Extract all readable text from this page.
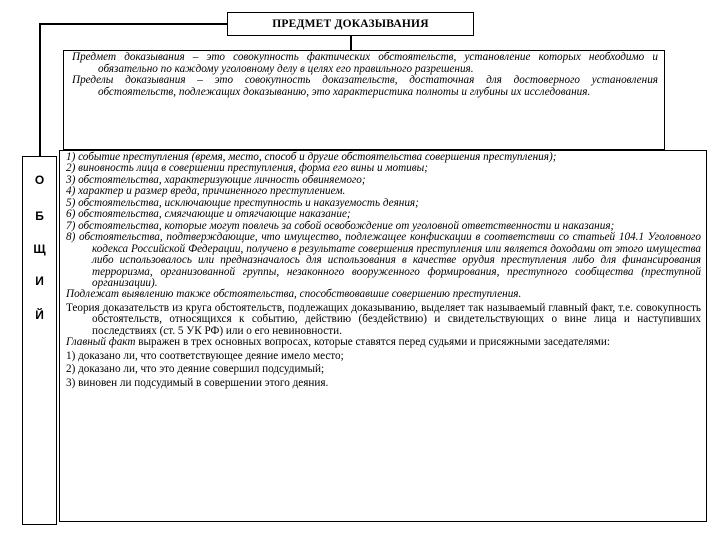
ПРЕДМЕТ ДОКАЗЫВАНИЯ

Предмет доказывания – это совокупность фактических обстоятельств, установление которых необходимо и обязательно по каждому уголовному делу в целях его правильного разрешения.

Пределы доказывания – это совокупность доказательств, достаточная для достоверного установления обстоятельств, подлежащих доказыванию, это характеристика полноты и глубины их исследования.

О
Б
Щ
И
Й

1) событие преступления (время, место, способ и другие обстоятельства совершения преступления);

2) виновность лица в совершении преступления, форма его вины и мотивы;

3) обстоятельства, характеризующие личность обвиняемого;

4) характер и размер вреда, причиненного преступлением.

5) обстоятельства, исключающие преступность и наказуемость деяния;

6) обстоятельства, смягчающие и отягчающие наказание;

7) обстоятельства, которые могут повлечь за собой освобождение от уголовной ответственности и наказания;

8) обстоятельства, подтверждающие, что имущество, подлежащее конфискации в соответствии со статьей 104.1 Уголовного кодекса Российской Федерации, получено в результате совершения преступления или является доходами от этого имущества либо использовалось или предназначалось для использования в качестве орудия преступления либо для финансирования терроризма, организованной группы, незаконного вооруженного формирования, преступного сообщества (преступной организации).

Подлежат выявлению также обстоятельства, способствовавшие совершению преступления.

Теория доказательств из круга обстоятельств, подлежащих доказыванию, выделяет так называемый главный факт, т.е. совокупность обстоятельств, относящихся к событию, действию (бездействию) и свидетельствующих о вине лица и наступивших последствиях (ст. 5 УК РФ) или о его невиновности.

Главный факт выражен в трех основных вопросах, которые ставятся перед судьями и присяжными заседателями:

1) доказано ли, что соответствующее деяние имело место;

2) доказано ли, что это деяние совершил подсудимый;

3) виновен ли подсудимый в совершении этого деяния.
